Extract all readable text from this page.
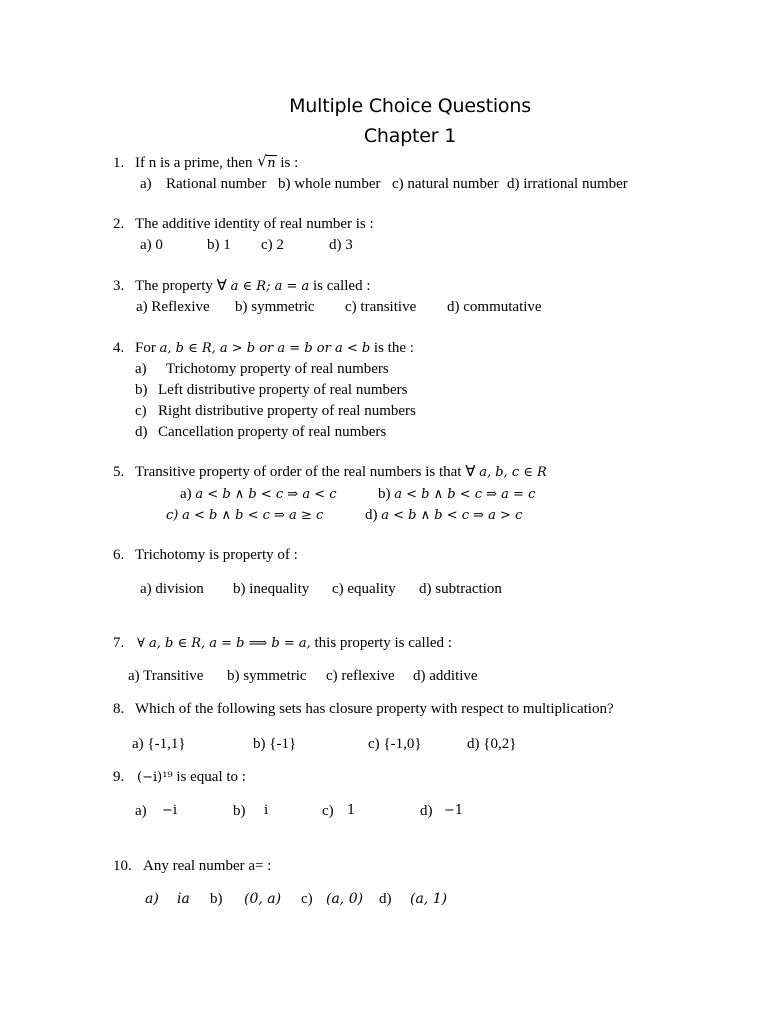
Multiple Choice Questions
Chapter 1
1. If n is a prime, then √ n is :
a) Rational number b) whole number c) natural number d) irrational number
2. The additive identity of real number is :
a) 0	b) 1 c) 2	d) 3
3. The property ∀ a ∈ R; a = a is called :
a) Reflexive b) symmetric c) transitive d) commutative
4. For a, b ∈ R, a > b or a = b or a < b is the :
a) Trichotomy property of real numbers
b) Left distributive property of real numbers
c) Right distributive property of real numbers
d) Cancellation property of real numbers
5. Transitive property of order of the real numbers is that ∀ a, b, c ∈ R
a) a < b ∧ b < c ⇒ a < c	b) a < b ∧ b < c ⇒ a = c
c) a < b ∧ b < c ⇒ a ≥ c	d) a < b ∧ b < c ⇒ a > c
6. Trichotomy is property of :
a) division b) inequality c) equality d) subtraction
7. ∀ a, b ∈ R, a = b ⟹ b = a, this property is called :
a) Transitive b) symmetric c) reflexive d) additive
8. Which of the following sets has closure property with respect to multiplication?
a) {-1,1}	b) {-1}	c) {-1,0}	d) {0,2}
9. (−i)¹⁹ is equal to :
a) −i	b) i	c) 1	d) −1
10. Any real number a= :
a) ia b) (0, a) c) (a, 0) d) (a, 1)
